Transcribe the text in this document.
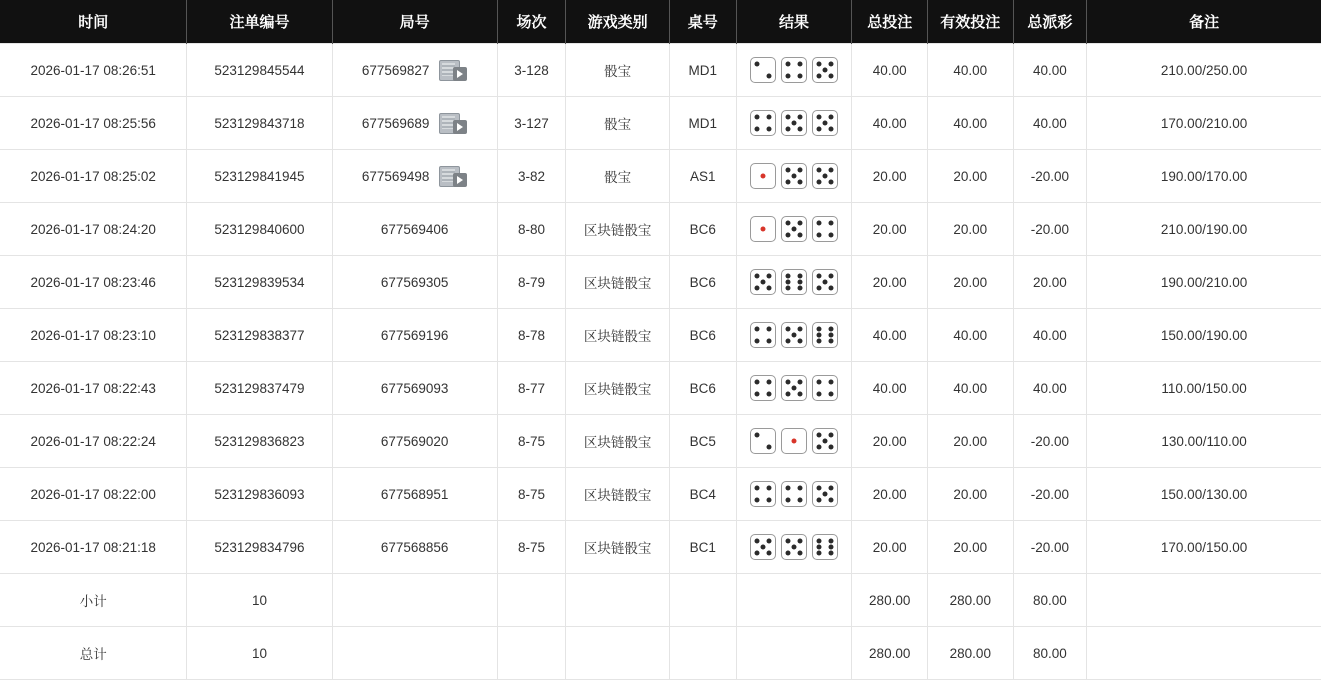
时间	注单编号	局号	场次	游戏类别	桌号	结果	总投注	有效投注	总派彩	备注
2026-01-17 08:26:51	523129845544	677569827	3-128	骰宝	MD1		40.00	40.00	40.00	210.00/250.00
2026-01-17 08:25:56	523129843718	677569689	3-127	骰宝	MD1		40.00	40.00	40.00	170.00/210.00
2026-01-17 08:25:02	523129841945	677569498	3-82	骰宝	AS1		20.00	20.00	-20.00	190.00/170.00
2026-01-17 08:24:20	523129840600	677569406	8-80	区块链骰宝	BC6		20.00	20.00	-20.00	210.00/190.00
2026-01-17 08:23:46	523129839534	677569305	8-79	区块链骰宝	BC6		20.00	20.00	20.00	190.00/210.00
2026-01-17 08:23:10	523129838377	677569196	8-78	区块链骰宝	BC6		40.00	40.00	40.00	150.00/190.00
2026-01-17 08:22:43	523129837479	677569093	8-77	区块链骰宝	BC6		40.00	40.00	40.00	110.00/150.00
2026-01-17 08:22:24	523129836823	677569020	8-75	区块链骰宝	BC5		20.00	20.00	-20.00	130.00/110.00
2026-01-17 08:22:00	523129836093	677568951	8-75	区块链骰宝	BC4		20.00	20.00	-20.00	150.00/130.00
2026-01-17 08:21:18	523129834796	677568856	8-75	区块链骰宝	BC1		20.00	20.00	-20.00	170.00/150.00
小计	10						280.00	280.00	80.00	
总计	10						280.00	280.00	80.00	
